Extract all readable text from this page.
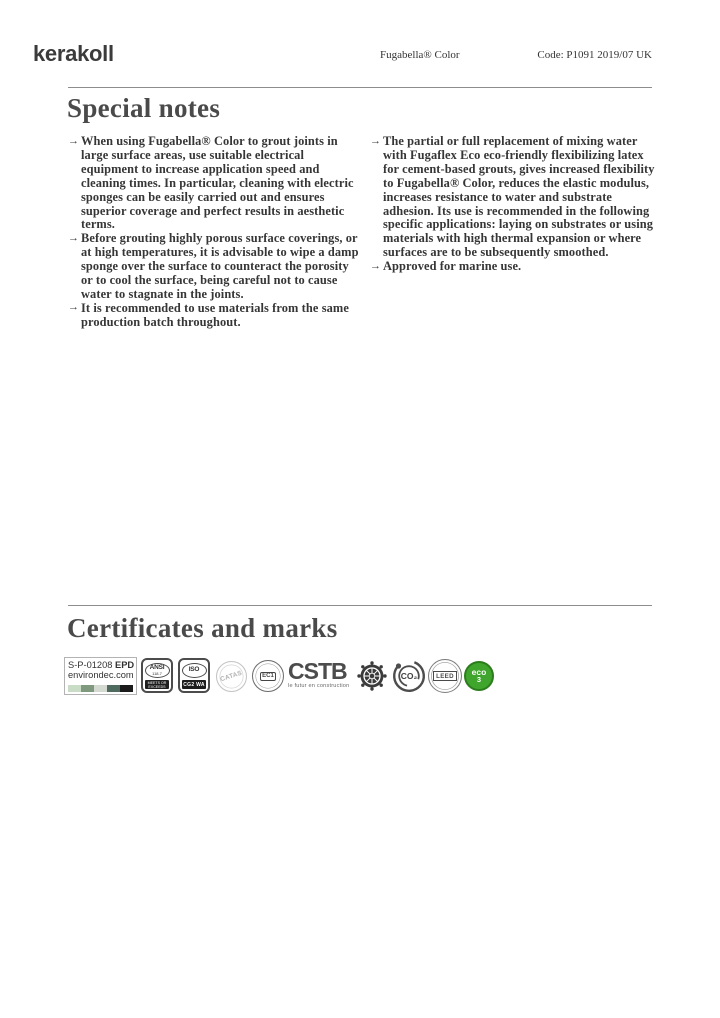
kerakoll	Fugabella® Color	Code: P1091 2019/07 UK
Special notes
→ When using Fugabella® Color to grout joints in large surface areas, use suitable electrical equipment to increase application speed and cleaning times. In particular, cleaning with electric sponges can be easily carried out and ensures superior coverage and perfect results in aesthetic terms.
→ Before grouting highly porous surface coverings, or at high temperatures, it is advisable to wipe a damp sponge over the surface to counteract the porosity or to cool the surface, being careful not to cause water to stagnate in the joints.
→ It is recommended to use materials from the same production batch throughout.
→ The partial or full replacement of mixing water with Fugaflex Eco eco-friendly flexibilizing latex for cement-based grouts, gives increased flexibility to Fugabella® Color, reduces the elastic modulus, increases resistance to water and substrate adhesion. Its use is recommended in the following specific applications: laying on substrates or using materials with high thermal expansion or where surfaces are to be subsequently smoothed.
→ Approved for marine use.
Certificates and marks
S-P-01208 EPD
environdec.com
ANSI
118.7
MEETS OR
EXCEEDS
ISO
CG2 WA
CATAS	EC1 CSTB
le futur en construction
CO₂	LEED	eco
3
